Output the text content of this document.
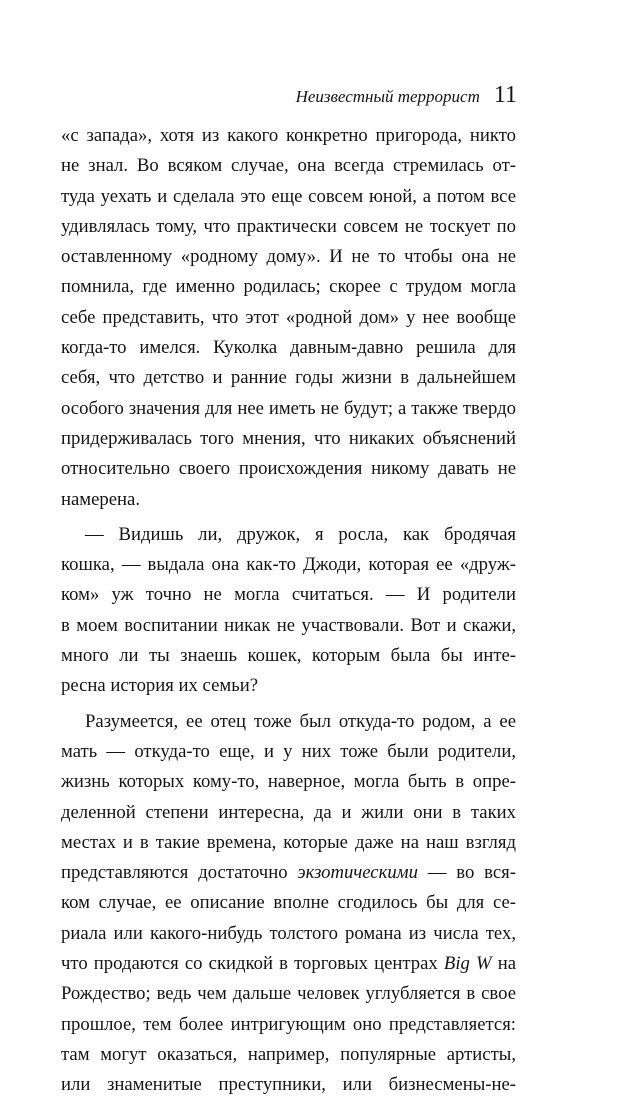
Неизвестный террорист 11
«с запада», хотя из какого конкретно пригорода, никто
не знал. Во всяком случае, она всегда стремилась от-
туда уехать и сделала это еще совсем юной, а потом все
удивлялась тому, что практически совсем не тоскует по
оставленному «родному дому». И не то чтобы она не
помнила, где именно родилась; скорее с трудом могла
себе представить, что этот «родной дом» у нее вообще
когда-то имелся. Куколка давным-давно решила для
себя, что детство и ранние годы жизни в дальнейшем
особого значения для нее иметь не будут; а также твердо
придерживалась того мнения, что никаких объяснений
относительно своего происхождения никому давать не
намерена.
— Видишь ли, дружок, я росла, как бродячая
кошка, — выдала она как-то Джоди, которая ее «друж-
ком» уж точно не могла считаться. — И родители
в моем воспитании никак не участвовали. Вот и скажи,
много ли ты знаешь кошек, которым была бы инте-
ресна история их семьи?
Разумеется, ее отец тоже был откуда-то родом, а ее
мать — откуда-то еще, и у них тоже были родители,
жизнь которых кому-то, наверное, могла быть в опре-
деленной степени интересна, да и жили они в таких
местах и в такие времена, которые даже на наш взгляд
представляются достаточно экзотическими — во вся-
ком случае, ее описание вполне сгодилось бы для се-
риала или какого-нибудь толстого романа из числа тех,
что продаются со скидкой в торговых центрах Big W на
Рождество; ведь чем дальше человек углубляется в свое
прошлое, тем более интригующим оно представляется:
там могут оказаться, например, популярные артисты,
или знаменитые преступники, или бизнесмены-не-
